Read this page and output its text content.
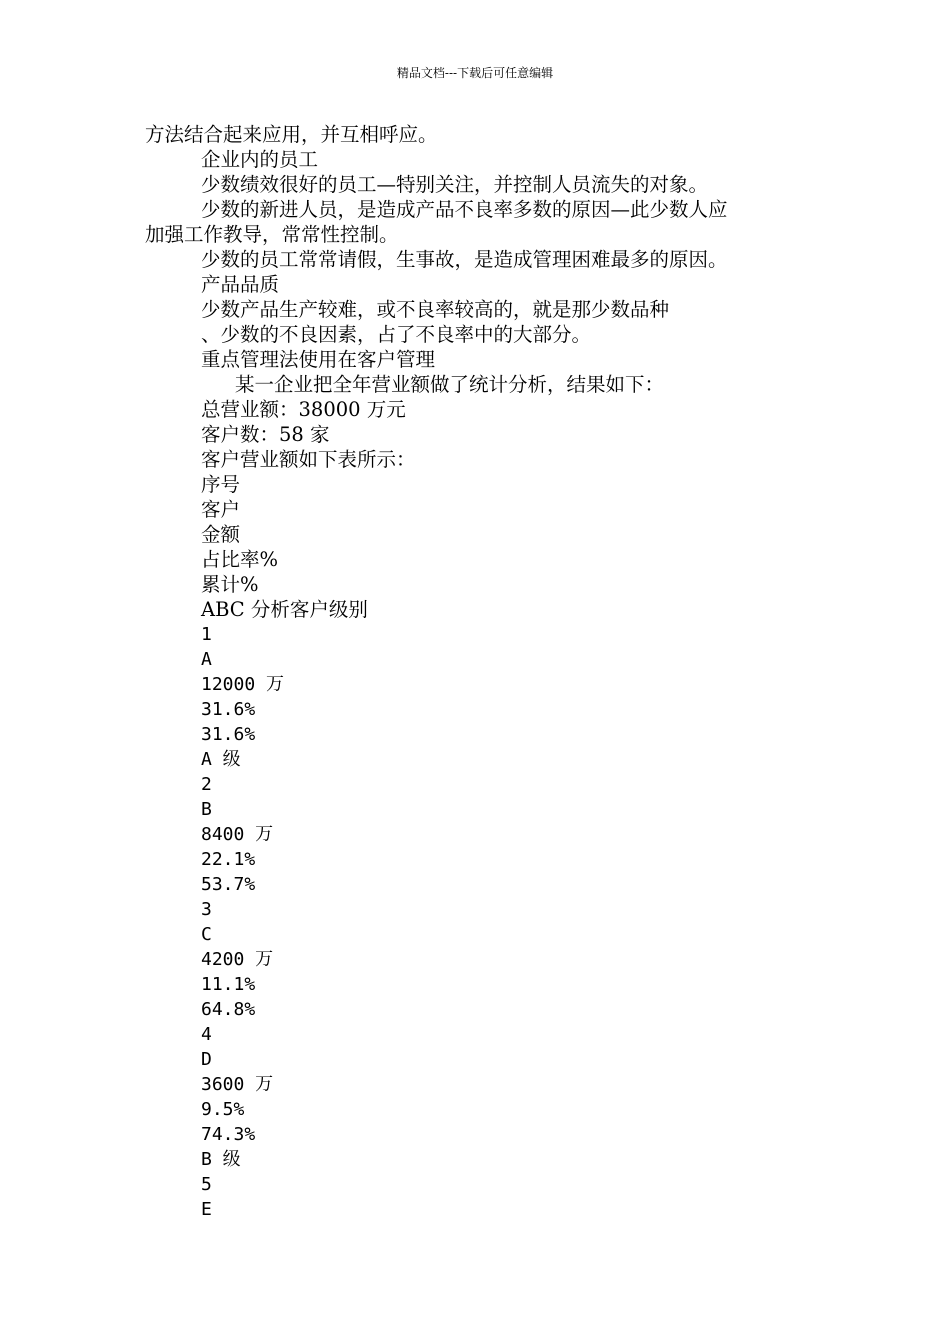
精品文档---下载后可任意编辑
方法结合起来应用，并互相呼应。
企业内的员工
少数绩效很好的员工—特别关注，并控制人员流失的对象。
少数的新进人员，是造成产品不良率多数的原因—此少数人应
加强工作教导，常常性控制。
少数的员工常常请假，生事故，是造成管理困难最多的原因。
产品品质
少数产品生产较难，或不良率较高的，就是那少数品种
、少数的不良因素，占了不良率中的大部分。
重点管理法使用在客户管理
某一企业把全年营业额做了统计分析，结果如下：
总营业额：38000 万元
客户数：58 家
客户营业额如下表所示：
序号
客户
金额
占比率%
累计%
ABC 分析客户级别
1
A
12000 万
31.6%
31.6%
A 级
2
B
8400 万
22.1%
53.7%
3
C
4200 万
11.1%
64.8%
4
D
3600 万
9.5%
74.3%
B 级
5
E
